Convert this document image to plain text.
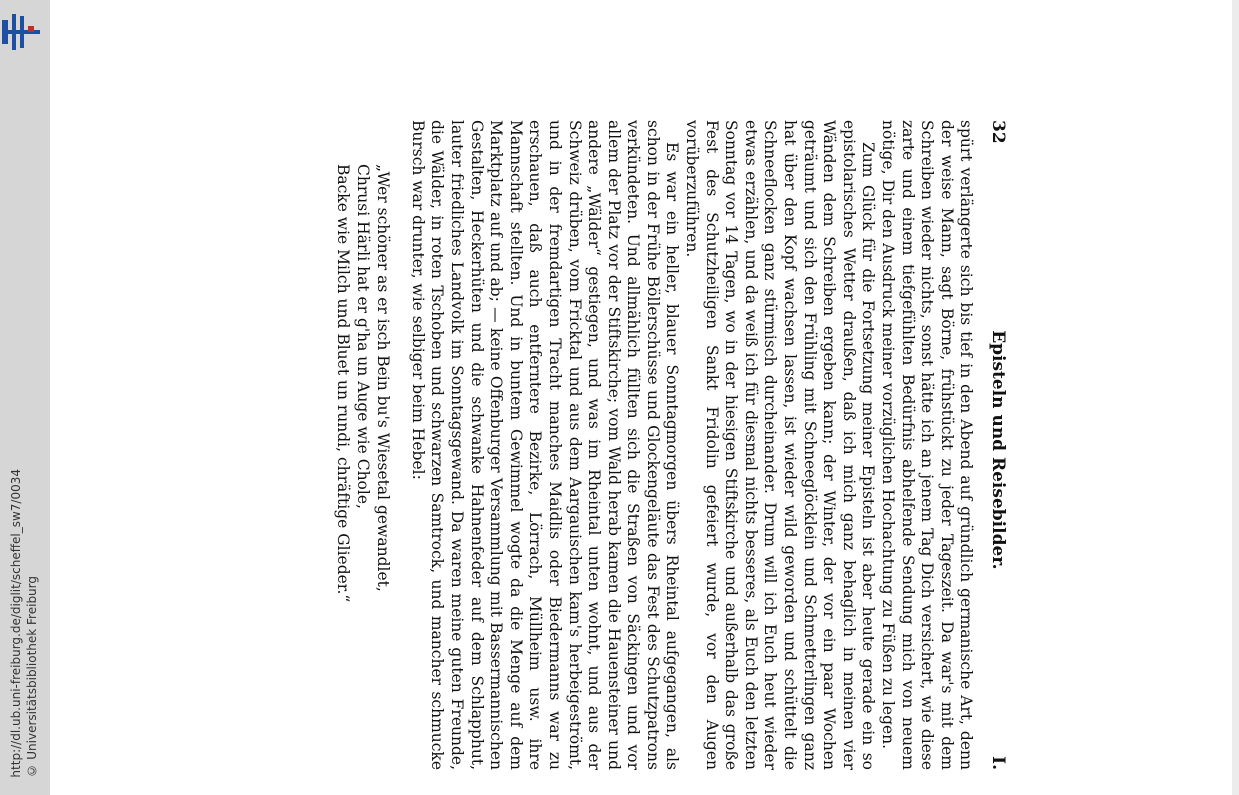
http://dl.ub.uni-freiburg.de/diglit/scheffel_sw7/0034 © Universitätsbibliothek Freiburg
32
Episteln und Reisebilder.
I.

spürt verlängerte sich bis tief in den Abend auf gründlich germanische Art, denn der weise Mann, sagt Börne, frühstückt zu jeder Tageszeit. Da war's mit dem Schreiben wieder nichts, sonst hätte ich an jenem Tag Dich versichert, wie diese zarte und einem tiefgefühlten Bedürfnis abhelfende Sendung mich von neuem nötige, Dir den Ausdruck meiner vorzüglichen Hochachtung zu Füßen zu legen.

Zum Glück für die Fortsetzung meiner Episteln ist aber heute gerade ein so epistolarisches Wetter draußen, daß ich mich ganz behaglich in meinen vier Wänden dem Schreiben ergeben kann; der Winter, der vor ein paar Wochen geträumt und sich den Frühling mit Schneeglöcklein und Schmetterlingen ganz hat über den Kopf wachsen lassen, ist wieder wild geworden und schüttelt die Schneeflocken ganz stürmisch durcheinander. Drum will ich Euch heut wieder etwas erzählen, und da weiß ich für diesmal nichts besseres, als Euch den letzten Sonntag vor 14 Tagen, wo in der hiesigen Stiftskirche und außerhalb das große Fest des Schutzheiligen Sankt Fridolin gefeiert wurde, vor den Augen vorüberzuführen.

Es war ein heller, blauer Sonntagmorgen übers Rheintal aufgegangen, als schon in der Frühe Böllerschüsse und Glockengeläute das Fest des Schutzpatrons verkündeten. Und allmählich füllten sich die Straßen von Säckingen und vor allem der Platz vor der Stiftskirche; vom Wald herab kamen die Hauensteiner und andere „Wälder“ gestiegen, und was im Rheintal unten wohnt, und aus der Schweiz drüben, vom Fricktal und aus dem Aargauischen kam's herbeigeströmt, und in der fremdartigen Tracht manches Maidlis oder Biedermanns war zu erschauen, daß auch entferntere Bezirke, Lörrach, Müllheim usw. ihre Mannschaft stellten. Und in buntem Gewimmel wogte da die Menge auf dem Marktplatz auf und ab; — keine Offenburger Versammlung mit Bassermannischen Gestalten, Heckerhüten und die schwanke Hahnenfeder auf dem Schlapphut, lauter friedliches Landvolk im Sonntagsgewand. Da waren meine guten Freunde, die Wälder, in roten Tschoben und schwarzen Samtrock, und mancher schmucke Bursch war drunter, wie selbiger beim Hebel:

„Wer schöner as er isch Bein bu's Wiesetal gewandlet,
Chrusi Härli hat er g'ha un Auge wie Chole,
Backe wie Milch und Bluet un rundi, chräftige Glieder.“
